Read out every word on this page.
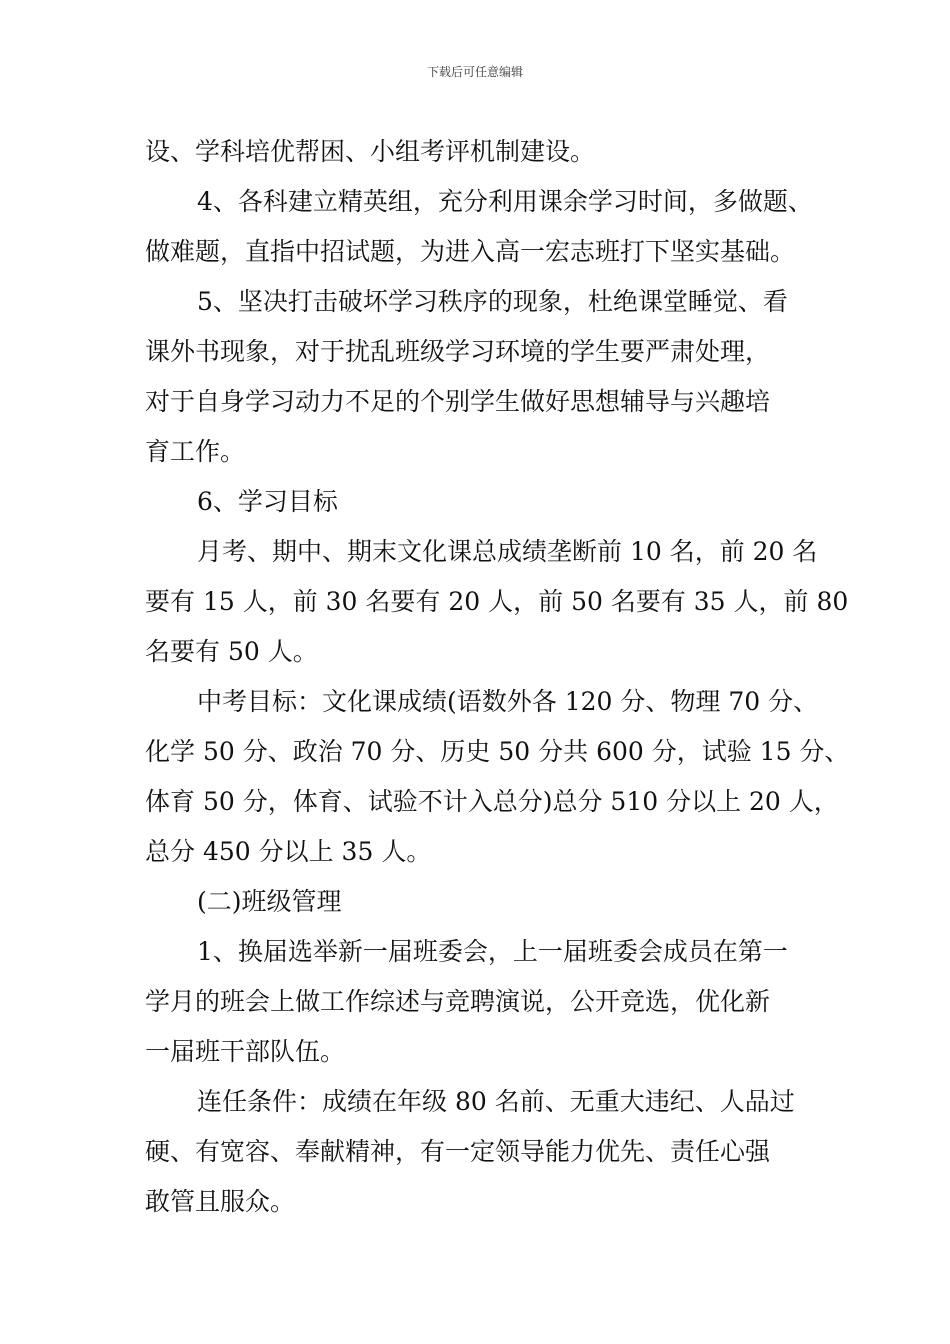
下载后可任意编辑
设、学科培优帮困、小组考评机制建设。
4、各科建立精英组，充分利用课余学习时间，多做题、
做难题，直指中招试题，为进入高一宏志班打下坚实基础。
5、坚决打击破坏学习秩序的现象，杜绝课堂睡觉、看
课外书现象，对于扰乱班级学习环境的学生要严肃处理，
对于自身学习动力不足的个别学生做好思想辅导与兴趣培
育工作。
6、学习目标
月考、期中、期末文化课总成绩垄断前 10 名，前 20 名
要有 15 人，前 30 名要有 20 人，前 50 名要有 35 人，前 80
名要有 50 人。
中考目标：文化课成绩(语数外各 120 分、物理 70 分、
化学 50 分、政治 70 分、历史 50 分共 600 分，试验 15 分、
体育 50 分，体育、试验不计入总分)总分 510 分以上 20 人，
总分 450 分以上 35 人。
(二)班级管理
1、换届选举新一届班委会，上一届班委会成员在第一
学月的班会上做工作综述与竞聘演说，公开竞选，优化新
一届班干部队伍。
连任条件：成绩在年级 80 名前、无重大违纪、人品过
硬、有宽容、奉献精神，有一定领导能力优先、责任心强
敢管且服众。
